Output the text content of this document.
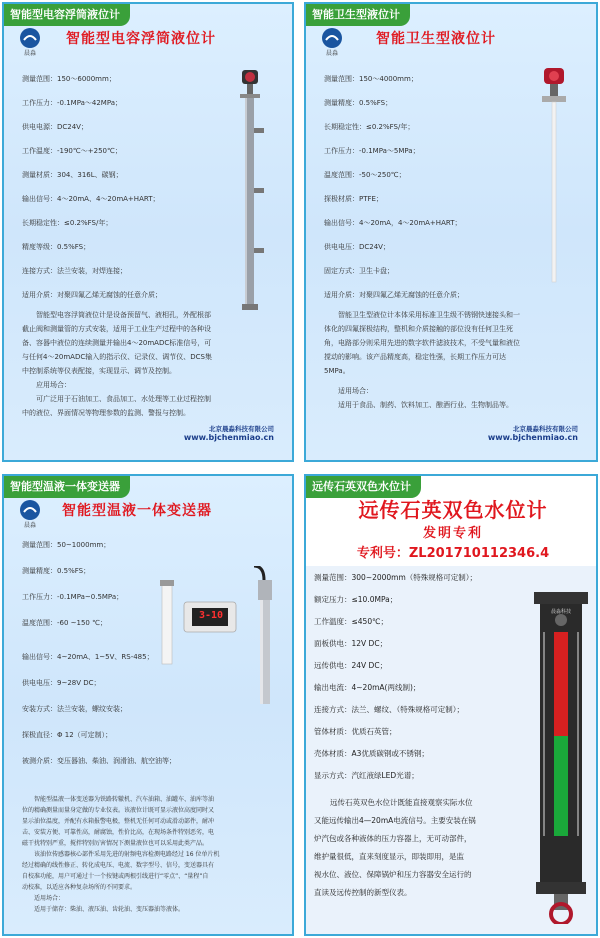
智能型电容浮筒液位计
晨淼
智能型电容浮筒液位计
测量范围：150～6000mm；
工作压力：-0.1MPa～42MPa；
供电电源：DC24V；
工作温度：-190℃～+250℃；
测量材质：304、316L、碳钢；
输出信号：4～20mA、4～20mA+HART；
长期稳定性：≤0.2%FS/年；
精度等级：0.5%FS；
连接方式：法兰安装，对焊连接；
适用介质：对聚四氟乙烯无腐蚀的任意介质；
智能型电容浮筒液位计是设备预留气、液相孔，外配根部
截止阀和测量管的方式安装，适用于工业生产过程中的各种设
备、容器中液位的连续测量并输出4～20mADC标准信号，可
与任何4～20mADC输入的指示仪、记录仪、调节仪、DCS集
中控制系统等仪表配接，实现显示、调节及控制。
应用场合：
可广泛用于石油加工、食品加工、水处理等工业过程控制
中的液位、界面情况等物理参数的监测、警报与控制。
北京晨淼科技有限公司
www.bjchenmiao.cn
智能卫生型液位计
晨淼
智能卫生型液位计
测量范围：150～4000mm；
测量精度：0.5%FS；
长期稳定性：≤0.2%FS/年；
工作压力：-0.1MPa～5MPa；
温度范围：-50～250℃；
探极材质：PTFE；
输出信号：4～20mA，4～20mA+HART；
供电电压：DC24V；
固定方式：卫生卡盘；
适用介质：对聚四氟乙烯无腐蚀的任意介质；
智能卫生型液位计本体采用标准卫生级不锈钢快速接头和一
体化的四氟探极结构，整机和介质接触的部位没有任何卫生死
角，电路部分则采用先进的数字软件滤波技术，不受气量和液位
搅动的影响。该产品精度高，稳定性强，长期工作压力可达
5MPa。
适用场合：
适用于食品、制药、饮料加工、酿酒行业、生物制品等。
北京晨淼科技有限公司
www.bjchenmiao.cn
智能型温液一体变送器
晨淼
智能型温液一体变送器
测量范围：50~1000mm；
测量精度：0.5%FS；
工作压力：-0.1MPa~0.5MPa；
温度范围：-60 ~150 ℃；
输出信号：4~20mA、1~5V、RS-485；
供电电压：9~28V DC；
安装方式：法兰安装，螺纹安装；
探极直径：Φ 12（可定制）；
被测介质：变压器油、柴油、润滑油、航空油等；
3-10
智能型温液一体变送器为铁路转辙机、汽车油箱、油罐车、油库等油
位的精确测量而量身定做的专业仪表。该液位计既可显示液位高度同时又
显示油位温度，并配有水箱报警电极，整机无任何可动或滑动部件，耐冲
击、安装方便、可靠性高，耐腐蚀，性价比高，在现场条件特别恶劣，电
磁干扰特别严重，搅拌特别厉害情况下测量液位也可以采用此类产品。
该油位传感器核心部件采用先进的射频电容检测电路经过 16 位单片机
经过精确的线性修正、转化成电压、电流、数字型号、信号，变送器具有
自校准功能，用户可通过十一个按键或两根引线进行“零点”、“量程”自
动校准，以适应各种复杂场所的不同要求。
适用场合：
适用于储存：柴油、液压油、齿轮油、变压器油等液体。
远传石英双色水位计
远传石英双色水位计
发明专利
专利号：ZL201710112346.4
测量范围：300~2000mm（特殊规格可定制）；
额定压力：≤10.0MPa；
工作温度：≤450℃；
面板供电：12V DC；
远传供电：24V DC；
输出电流：4~20mA(两线制)；
连接方式：法兰、螺纹、（特殊规格可定制）；
管体材质：优质石英管；
壳体材质：A3优质碳钢或不锈钢；
显示方式：汽红液绿LED光谱；
晨淼科技
远传石英双色水位计既能直接观察实际水位
又能远传输出4—20mA电流信号。主要安装在锅
炉汽包或各种液体的压力容器上，无可动部件，
维护量很低，直来刻度显示，即装即用，是监
视水位、液位、保障锅炉和压力容器安全运行的
直读及远传控制的新型仪表。
